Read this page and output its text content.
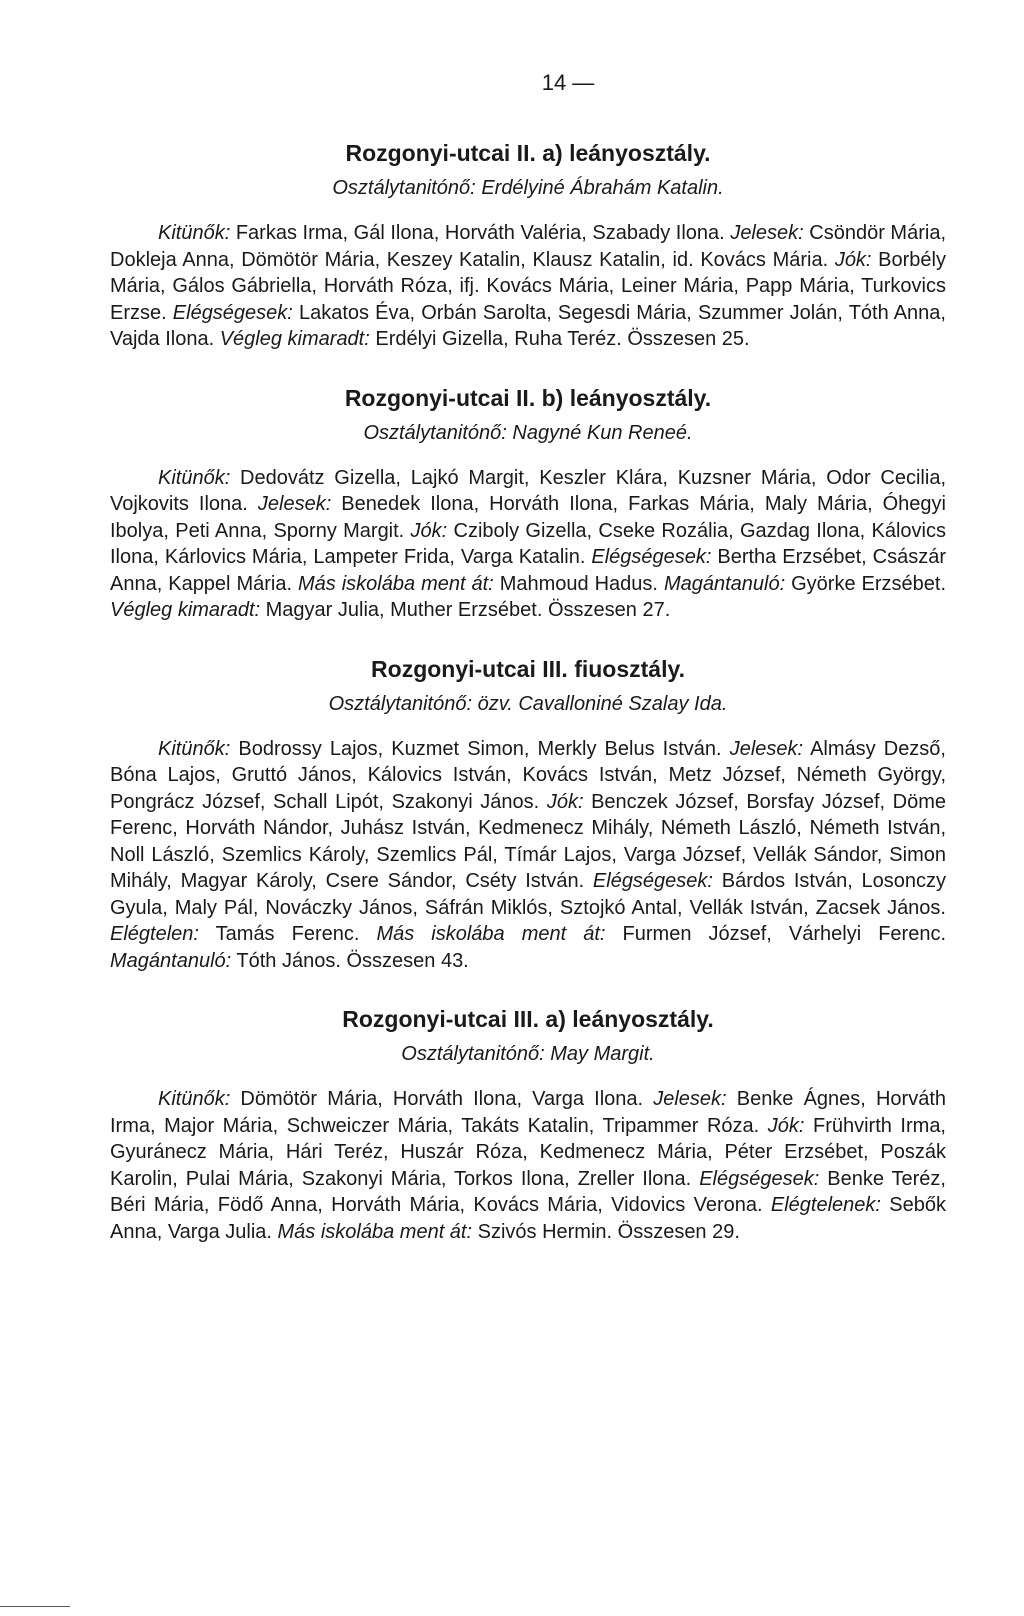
14 —
Rozgonyi-utcai II. a) leányosztály.
Osztálytanitónő: Erdélyiné Ábrahám Katalin.

Kitünők: Farkas Irma, Gál Ilona, Horváth Valéria, Szabady Ilona. Jelesek: Csöndör Mária, Dokleja Anna, Dömötör Mária, Keszey Katalin, Klausz Katalin, id. Kovács Mária. Jók: Borbély Mária, Gálos Gábriella, Horváth Róza, ifj. Kovács Mária, Leiner Mária, Papp Mária, Turkovics Erzse. Elégségesek: Lakatos Éva, Orbán Sarolta, Segesdi Mária, Szummer Jolán, Tóth Anna, Vajda Ilona. Végleg kimaradt: Erdélyi Gizella, Ruha Teréz. Összesen 25.

Rozgonyi-utcai II. b) leányosztály.
Osztálytanitónő: Nagyné Kun Reneé.

Kitünők: Dedovátz Gizella, Lajkó Margit, Keszler Klára, Kuzsner Mária, Odor Cecilia, Vojkovits Ilona. Jelesek: Benedek Ilona, Horváth Ilona, Farkas Mária, Maly Mária, Óhegyi Ibolya, Peti Anna, Sporny Margit. Jók: Cziboly Gizella, Cseke Rozália, Gazdag Ilona, Kálovics Ilona, Kárlovics Mária, Lampeter Frida, Varga Katalin. Elégségesek: Bertha Erzsébet, Császár Anna, Kappel Mária. Más iskolába ment át: Mahmoud Hadus. Magántanuló: Györke Erzsébet. Végleg kimaradt: Magyar Julia, Muther Erzsébet. Összesen 27.

Rozgonyi-utcai III. fiuosztály.
Osztálytanitónő: özv. Cavalloniné Szalay Ida.

Kitünők: Bodrossy Lajos, Kuzmet Simon, Merkly Belus István. Jelesek: Almásy Dezső, Bóna Lajos, Gruttó János, Kálovics István, Kovács István, Metz József, Németh György, Pongrácz József, Schall Lipót, Szakonyi János. Jók: Benczek József, Borsfay József, Döme Ferenc, Horváth Nándor, Juhász István, Kedmenecz Mihály, Németh László, Németh István, Noll László, Szemlics Károly, Szemlics Pál, Tímár Lajos, Varga József, Vellák Sándor, Simon Mihály, Magyar Károly, Csere Sándor, Cséty István. Elégségesek: Bárdos István, Losonczy Gyula, Maly Pál, Nováczky János, Sáfrán Miklós, Sztojkó Antal, Vellák István, Zacsek János. Elégtelen: Tamás Ferenc. Más iskolába ment át: Furmen József, Várhelyi Ferenc. Magántanuló: Tóth János. Összesen 43.

Rozgonyi-utcai III. a) leányosztály.
Osztálytanitónő: May Margit.

Kitünők: Dömötör Mária, Horváth Ilona, Varga Ilona. Jelesek: Benke Ágnes, Horváth Irma, Major Mária, Schweiczer Mária, Takáts Katalin, Tripammer Róza. Jók: Frühvirth Irma, Gyuránecz Mária, Hári Teréz, Huszár Róza, Kedmenecz Mária, Péter Erzsébet, Poszák Karolin, Pulai Mária, Szakonyi Mária, Torkos Ilona, Zreller Ilona. Elégségesek: Benke Teréz, Béri Mária, Födő Anna, Horváth Mária, Kovács Mária, Vidovics Verona. Elégtelenek: Sebők Anna, Varga Julia. Más iskolába ment át: Szivós Hermin. Összesen 29.
